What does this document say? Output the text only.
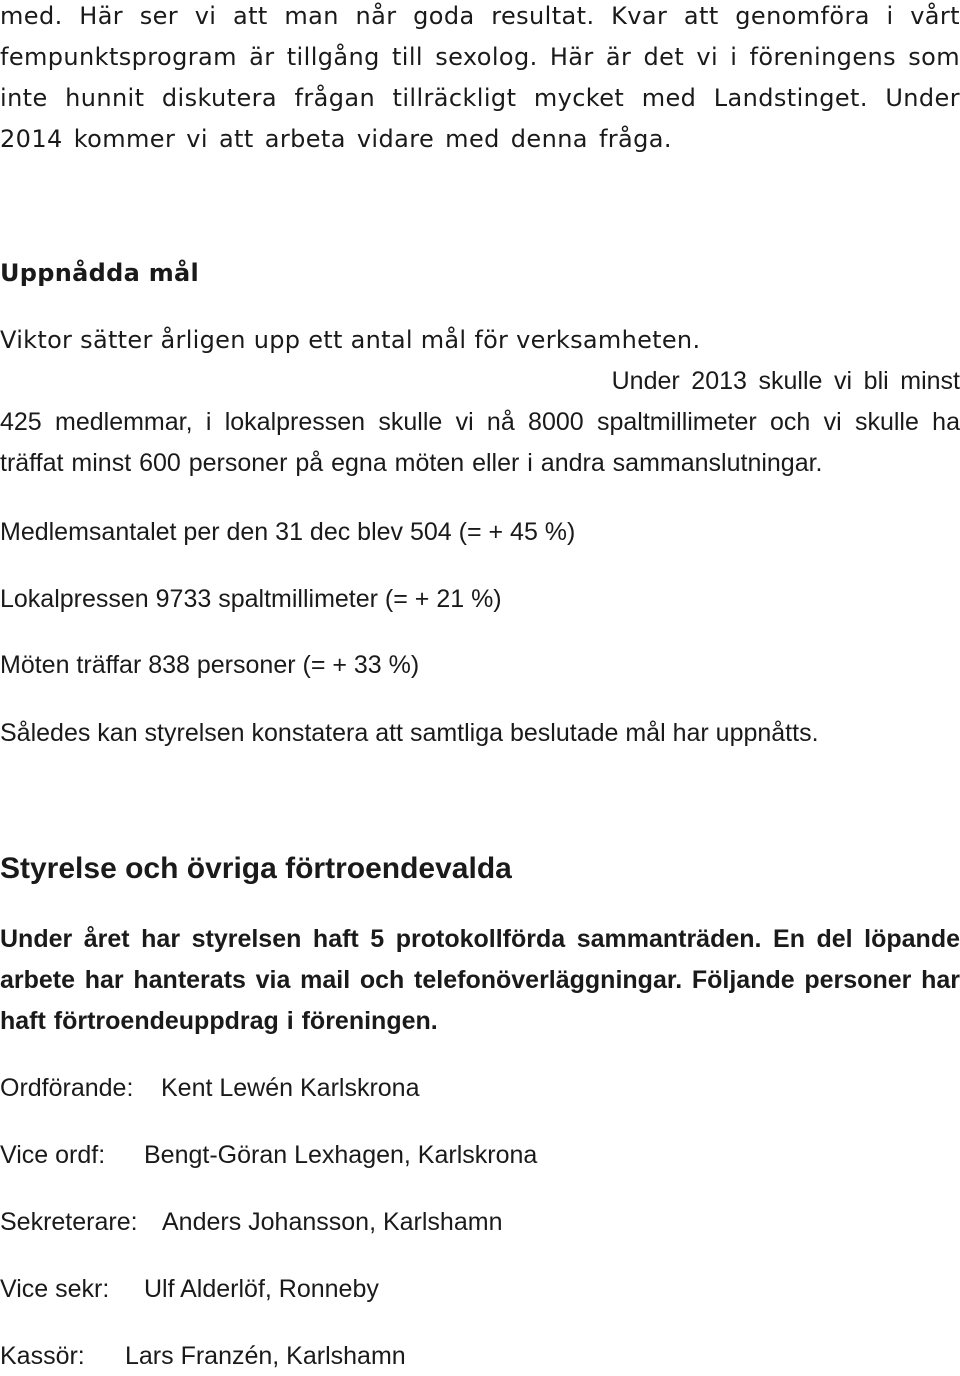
med. Här ser vi att man når goda resultat. Kvar att genomföra i vårt fempunktsprogram är tillgång till sexolog. Här är det vi i föreningens som inte hunnit diskutera frågan tillräckligt mycket med Landstinget. Under 2014 kommer vi att arbeta vidare med denna fråga.

Uppnådda mål
Viktor sätter årligen upp ett antal mål för verksamheten.

Under 2013 skulle vi bli minst 425 medlemmar, i lokalpressen skulle vi nå 8000 spaltmillimeter och vi skulle ha träffat minst 600 personer på egna möten eller i andra sammanslutningar.

Medlemsantalet per den 31 dec blev 504 (= + 45 %)
Lokalpressen 9733 spaltmillimeter (= + 21 %)
Möten träffar 838 personer (= + 33 %)
Således kan styrelsen konstatera att samtliga beslutade mål har uppnåtts.
Styrelse och övriga förtroendevalda

Under året har styrelsen haft 5 protokollförda sammanträden. En del löpande arbete har hanterats via mail och telefonöverläggningar. Följande personer har haft förtroendeuppdrag i föreningen.

Ordförande: Kent Lewén Karlskrona
Vice ordf: Bengt-Göran Lexhagen, Karlskrona
Sekreterare: Anders Johansson, Karlshamn
Vice sekr: Ulf Alderlöf, Ronneby
Kassör: Lars Franzén, Karlshamn
